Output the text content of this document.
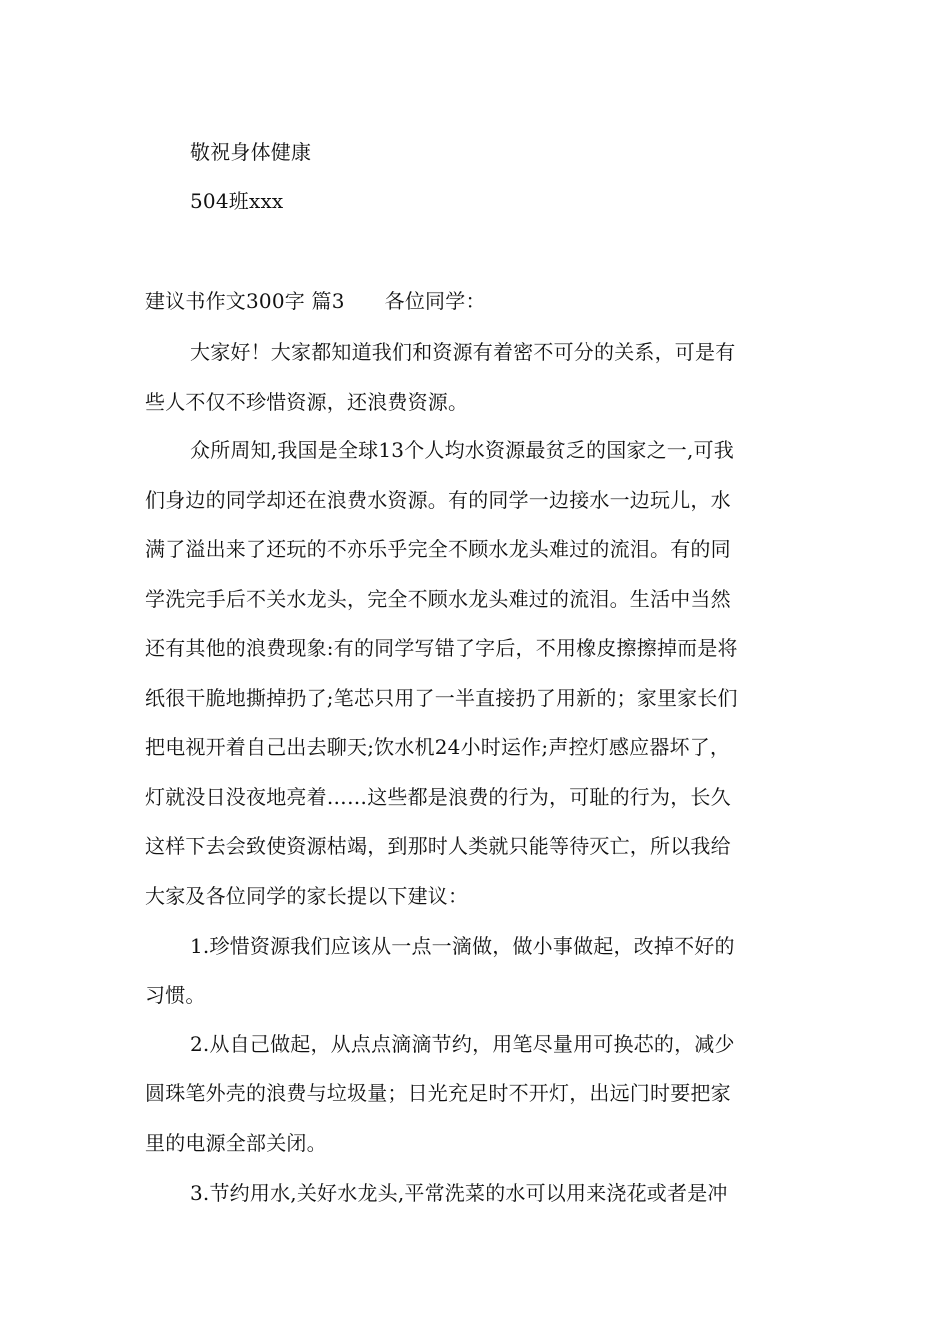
敬祝身体健康
504班xxx
建议书作文300字 篇3 各位同学：
大家好！大家都知道我们和资源有着密不可分的关系，可是有
些人不仅不珍惜资源，还浪费资源。
众所周知,我国是全球13个人均水资源最贫乏的国家之一,可我
们身边的同学却还在浪费水资源。有的同学一边接水一边玩儿，水
满了溢出来了还玩的不亦乐乎完全不顾水龙头难过的流泪。有的同
学洗完手后不关水龙头，完全不顾水龙头难过的流泪。生活中当然
还有其他的浪费现象:有的同学写错了字后，不用橡皮擦擦掉而是将
纸很干脆地撕掉扔了;笔芯只用了一半直接扔了用新的；家里家长们
把电视开着自己出去聊天;饮水机24小时运作;声控灯感应器坏了，
灯就没日没夜地亮着……这些都是浪费的行为，可耻的行为，长久
这样下去会致使资源枯竭，到那时人类就只能等待灭亡，所以我给
大家及各位同学的家长提以下建议：
1.珍惜资源我们应该从一点一滴做，做小事做起，改掉不好的
习惯。
2.从自己做起，从点点滴滴节约，用笔尽量用可换芯的，减少
圆珠笔外壳的浪费与垃圾量；日光充足时不开灯，出远门时要把家
里的电源全部关闭。
3.节约用水,关好水龙头,平常洗菜的水可以用来浇花或者是冲
